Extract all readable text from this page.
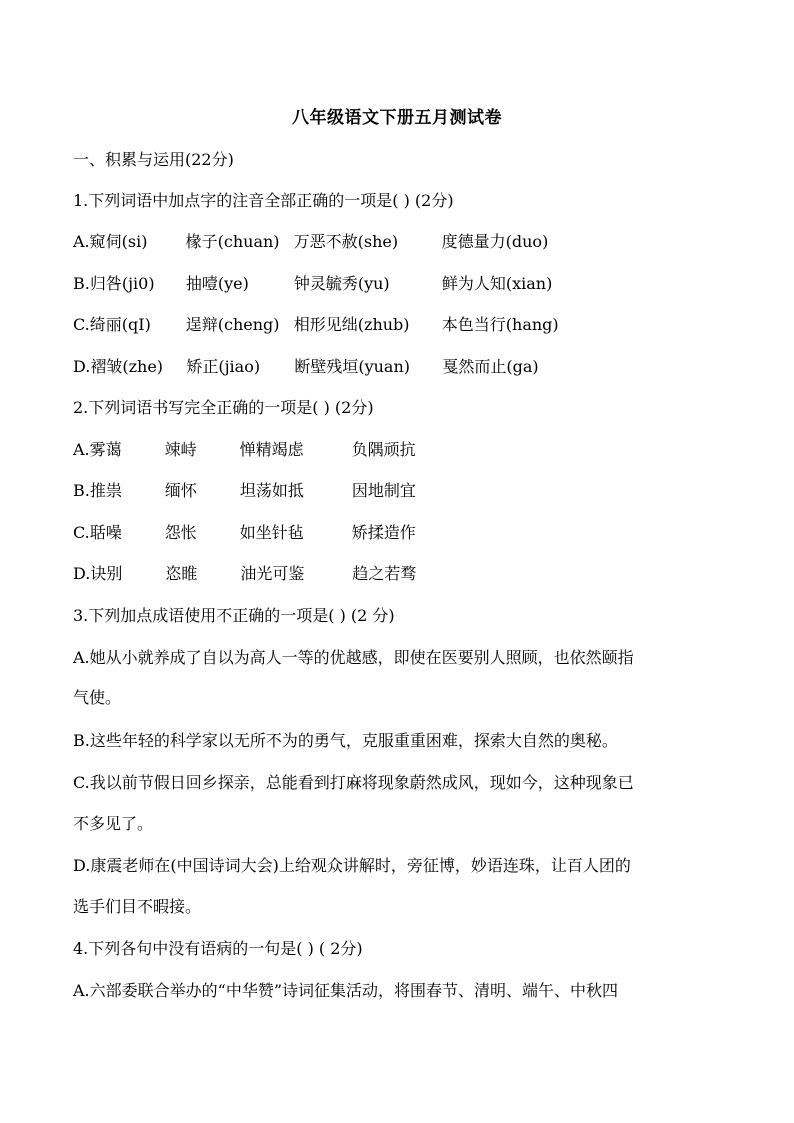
八年级语文下册五月测试卷
一、积累与运用(22分)
1.下列词语中加点字的注音全部正确的一项是( ) (2分)
A.窥伺(si) 椽子(chuan) 万恶不赦(she)	度德量力(duo)
B.归咎(ji0) 抽噎(ye)	钟灵毓秀(yu)	鲜为人知(xian)
C.绮丽(qI) 逞辩(cheng) 相形见绌(zhub) 本色当行(hang)
D.褶皱(zhe) 矫正(jiao) 断壁残垣(yuan) 戛然而止(ga)
2.下列词语书写完全正确的一项是( ) (2分)
A.雾蔼	竦峙	惮精竭虑	负隅顽抗
B.推祟	缅怀	坦荡如抵	因地制宜
C.聒噪	怨怅	如坐针毡	矫揉造作
D.诀别	恣睢	油光可鉴	趋之若骛
3.下列加点成语使用不正确的一项是( ) (2 分)
A.她从小就养成了自以为高人一等的优越感，即使在医要别人照顾，也依然颐指
气使。
B.这些年轻的科学家以无所不为的勇气，克服重重困难，探索大自然的奥秘。
C.我以前节假日回乡探亲，总能看到打麻将现象蔚然成风，现如今，这种现象已
不多见了。
D.康震老师在(中国诗词大会)上给观众讲解时，旁征博，妙语连珠，让百人团的
选手们目不暇接。
4.下列各句中没有语病的一句是( ) ( 2分)
A.六部委联合举办的“中华赞”诗词征集活动，将围春节、清明、端午、中秋四
